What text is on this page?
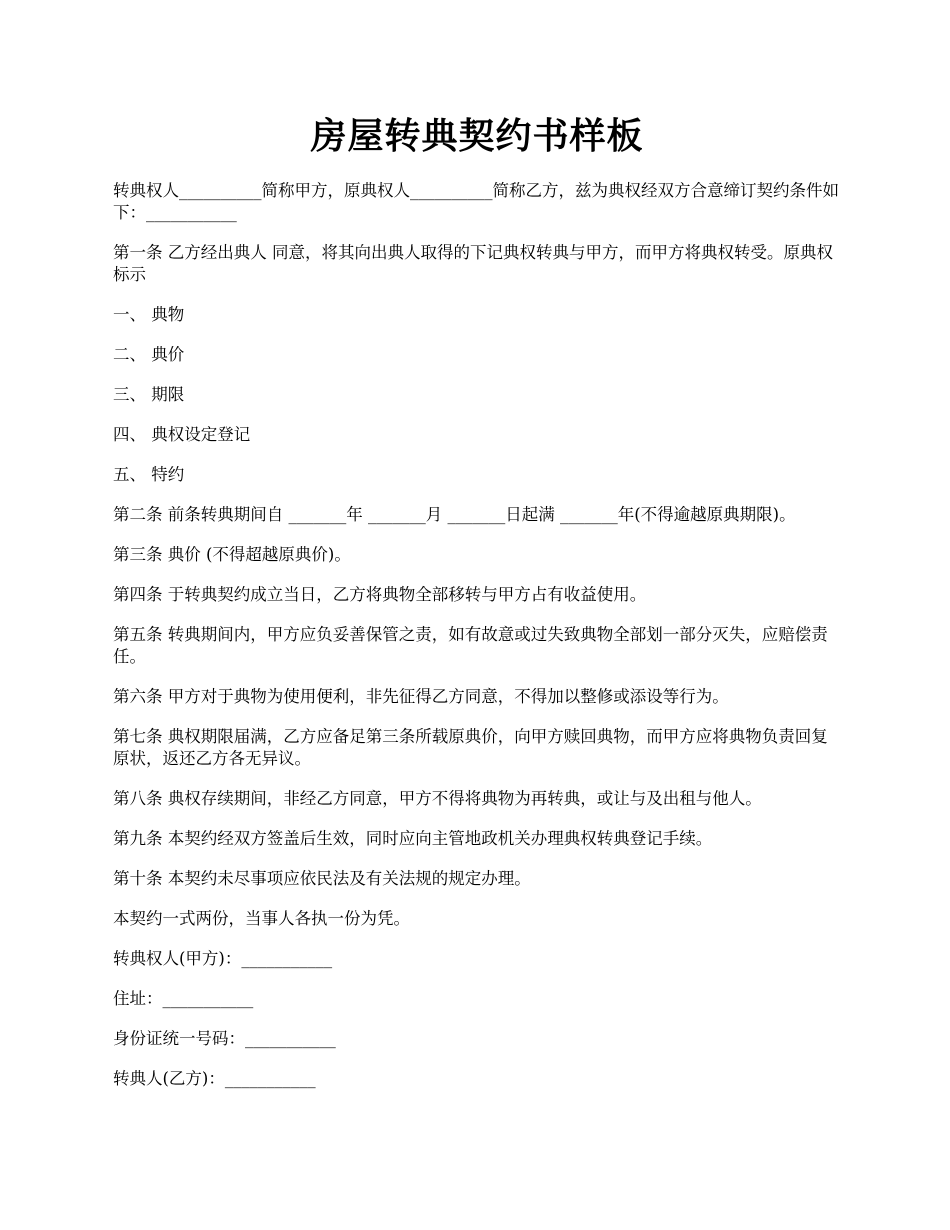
房屋转典契约书样板

转典权人__________简称甲方，原典权人__________简称乙方，兹为典权经双方合意缔订契约条件如下：___________

第一条 乙方经出典人 同意，将其向出典人取得的下记典权转典与甲方，而甲方将典权转受。原典权标示

一、 典物

二、 典价

三、 期限

四、 典权设定登记

五、 特约

第二条 前条转典期间自 _______年 _______月 _______日起满 _______年(不得逾越原典期限)。

第三条 典价 (不得超越原典价)。

第四条 于转典契约成立当日，乙方将典物全部移转与甲方占有收益使用。

第五条 转典期间内，甲方应负妥善保管之责，如有故意或过失致典物全部划一部分灭失，应赔偿责任。

第六条 甲方对于典物为使用便利，非先征得乙方同意，不得加以整修或添设等行为。

第七条 典权期限届满，乙方应备足第三条所载原典价，向甲方赎回典物，而甲方应将典物负责回复原状，返还乙方各无异议。

第八条 典权存续期间，非经乙方同意，甲方不得将典物为再转典，或让与及出租与他人。

第九条 本契约经双方签盖后生效，同时应向主管地政机关办理典权转典登记手续。

第十条 本契约未尽事项应依民法及有关法规的规定办理。

本契约一式两份，当事人各执一份为凭。

转典权人(甲方)：___________

住址：___________

身份证统一号码：___________

转典人(乙方)：___________
